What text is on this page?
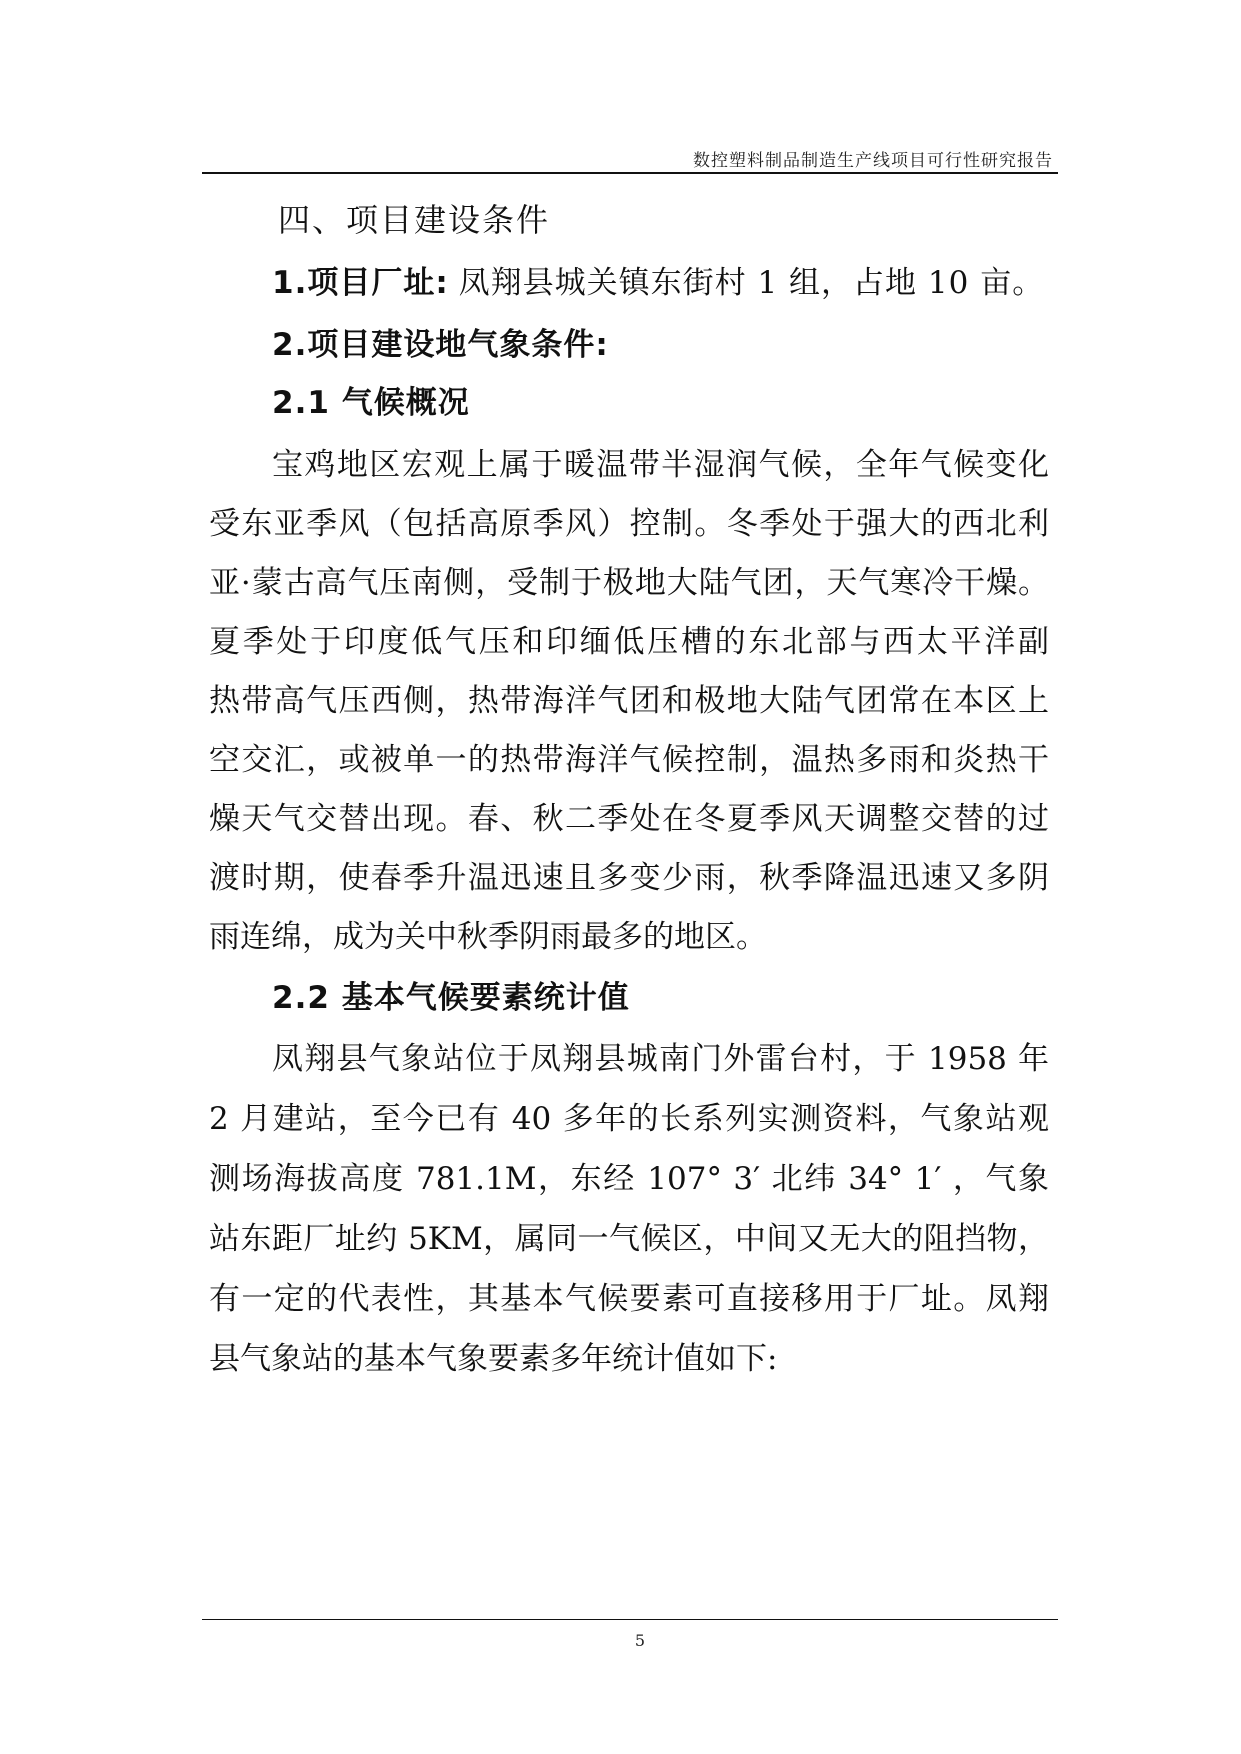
数控塑料制品制造生产线项目可行性研究报告
四、项目建设条件
1.项目厂址: 凤翔县城关镇东街村 1 组，占地 10 亩。
2.项目建设地气象条件:
2.1 气候概况
宝鸡地区宏观上属于暖温带半湿润气候，全年气候变化
受东亚季风（包括高原季风）控制。冬季处于强大的西北利
亚·蒙古高气压南侧，受制于极地大陆气团，天气寒冷干燥。
夏季处于印度低气压和印缅低压槽的东北部与西太平洋副
热带高气压西侧，热带海洋气团和极地大陆气团常在本区上
空交汇，或被单一的热带海洋气候控制，温热多雨和炎热干
燥天气交替出现。春、秋二季处在冬夏季风天调整交替的过
渡时期，使春季升温迅速且多变少雨，秋季降温迅速又多阴
雨连绵，成为关中秋季阴雨最多的地区。
2.2 基本气候要素统计值
凤翔县气象站位于凤翔县城南门外雷台村，于 1958 年
2 月建站，至今已有 40 多年的长系列实测资料，气象站观
测场海拔高度 781.1M，东经 107° 3′ 北纬 34° 1′ ，气象
站东距厂址约 5KM，属同一气候区，中间又无大的阻挡物，
有一定的代表性，其基本气候要素可直接移用于厂址。凤翔
县气象站的基本气象要素多年统计值如下:
5
